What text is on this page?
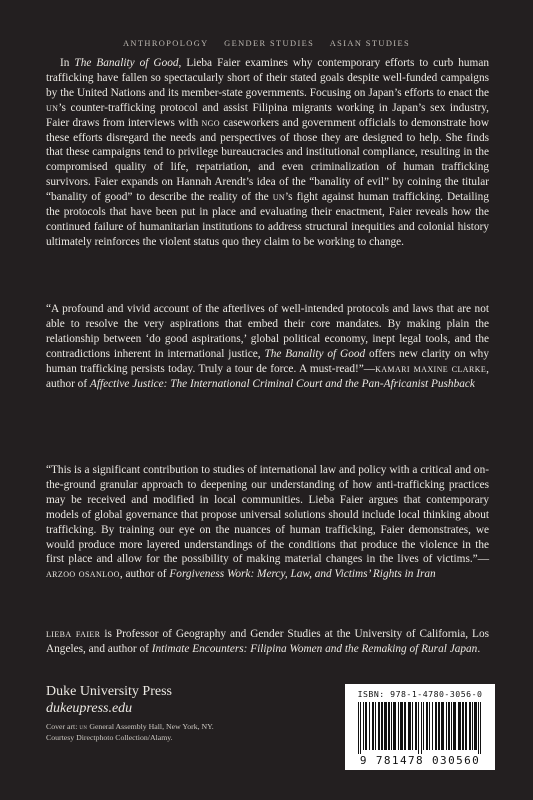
ANTHROPOLOGY GENDER STUDIES ASIAN STUDIES
In The Banality of Good, Lieba Faier examines why contemporary efforts to curb human trafficking have fallen so spectacularly short of their stated goals despite well-funded campaigns by the United Nations and its member-state governments. Focusing on Japan’s efforts to enact the un’s counter-trafficking protocol and assist Filipina migrants working in Japan’s sex industry, Faier draws from interviews with ngo caseworkers and government officials to demonstrate how these efforts disregard the needs and perspectives of those they are designed to help. She finds that these campaigns tend to privilege bureaucracies and institutional compliance, resulting in the compromised quality of life, repatriation, and even criminalization of human trafficking survivors. Faier expands on Hannah Arendt’s idea of the “banality of evil” by coining the titular “banality of good” to describe the reality of the un’s fight against human trafficking. Detailing the protocols that have been put in place and evaluating their enactment, Faier reveals how the continued failure of humanitarian institutions to address structural inequities and colonial history ultimately reinforces the violent status quo they claim to be working to change.
“A profound and vivid account of the afterlives of well-intended protocols and laws that are not able to resolve the very aspirations that embed their core mandates. By making plain the relationship between ‘do good aspirations,’ global political economy, inept legal tools, and the contradictions inherent in international justice, The Banality of Good offers new clarity on why human trafficking persists today. Truly a tour de force. A must-read!”—kamari maxine clarke, author of Affective Justice: The International Criminal Court and the Pan-Africanist Pushback
“This is a significant contribution to studies of international law and policy with a critical and on-the-ground granular approach to deepening our understanding of how anti-trafficking practices may be received and modified in local communities. Lieba Faier argues that contemporary models of global governance that propose universal solutions should include local thinking about trafficking. By training our eye on the nuances of human trafficking, Faier demonstrates, we would produce more layered understandings of the conditions that produce the violence in the first place and allow for the possibility of making material changes in the lives of victims.”—arzoo osanloo, author of Forgiveness Work: Mercy, Law, and Victims’ Rights in Iran
lieba faier is Professor of Geography and Gender Studies at the University of California, Los Angeles, and author of Intimate Encounters: Filipina Women and the Remaking of Rural Japan.
Duke University Press
dukeupress.edu
Cover art: un General Assembly Hall, New York, NY. Courtesy Directphoto Collection/Alamy.
ISBN: 978-1-4780-3056-0
9 781478 030560
